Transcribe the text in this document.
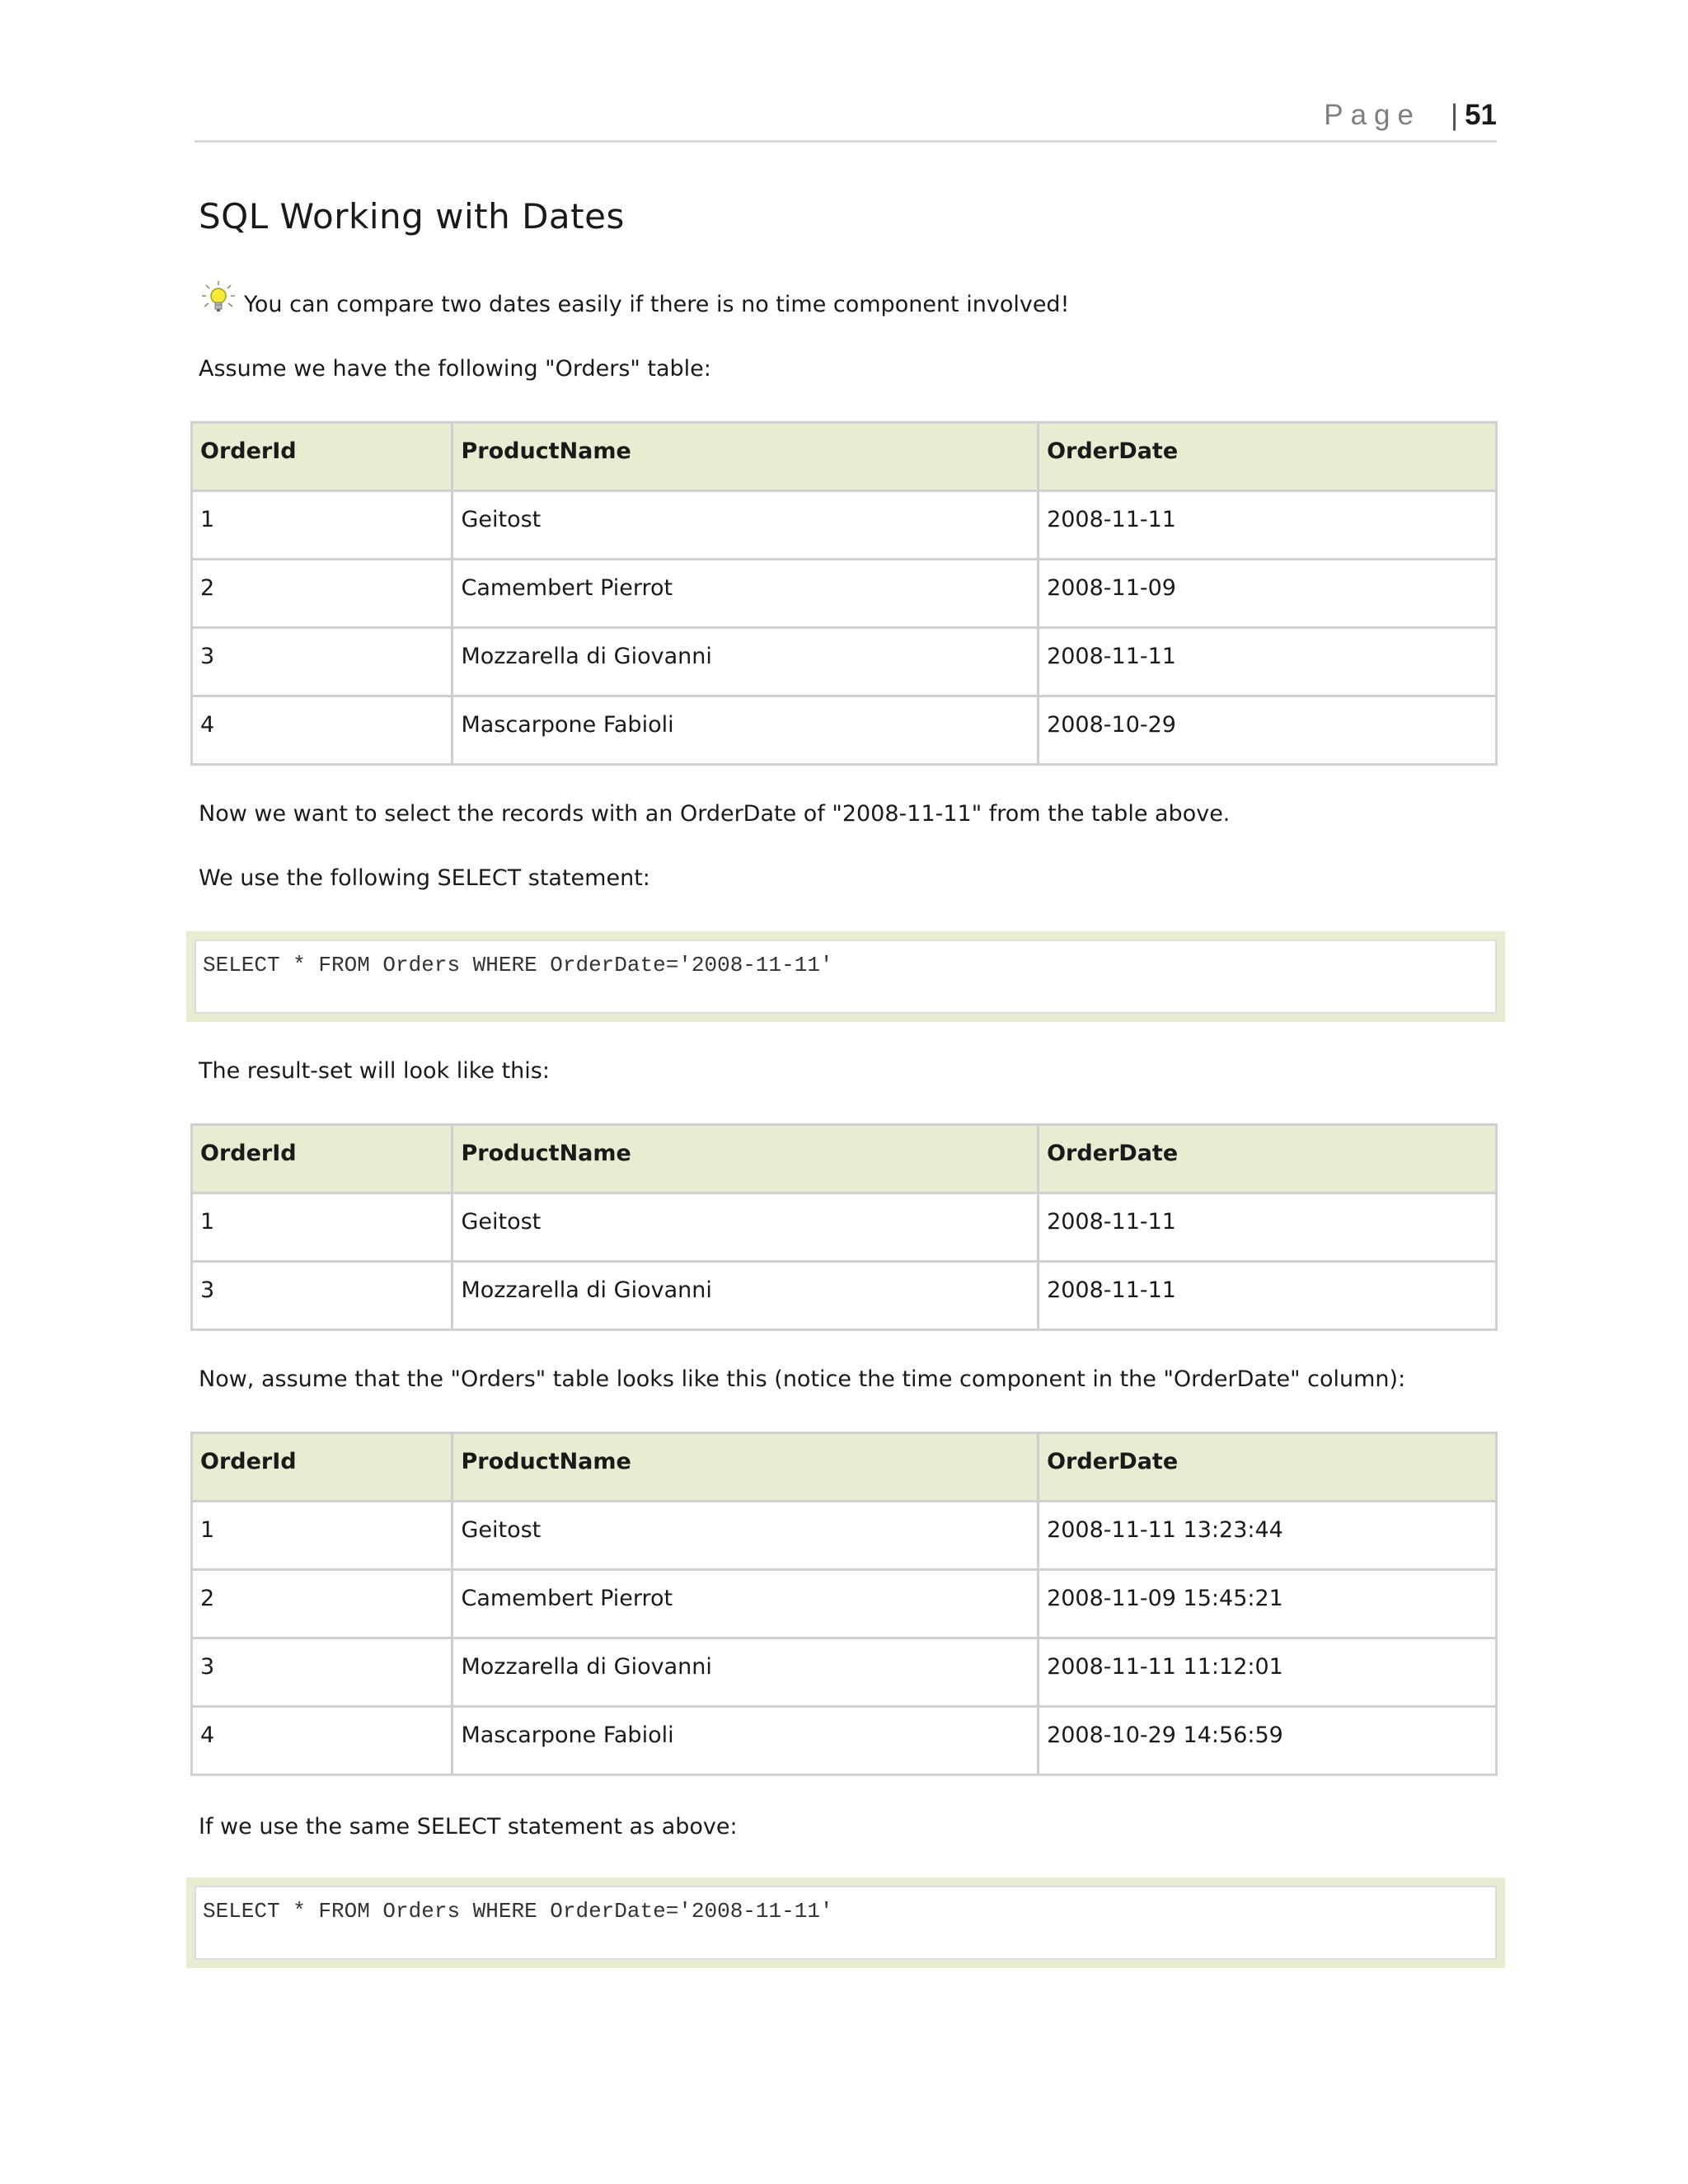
Page | 51
SQL Working with Dates

You can compare two dates easily if there is no time component involved!

Assume we have the following "Orders" table:

OrderId	ProductName	OrderDate
1	Geitost	2008-11-11
2	Camembert Pierrot	2008-11-09
3	Mozzarella di Giovanni	2008-11-11
4	Mascarpone Fabioli	2008-10-29

Now we want to select the records with an OrderDate of "2008-11-11" from the table above.

We use the following SELECT statement:

SELECT * FROM Orders WHERE OrderDate='2008-11-11'

The result-set will look like this:

OrderId	ProductName	OrderDate
1	Geitost	2008-11-11
3	Mozzarella di Giovanni	2008-11-11

Now, assume that the "Orders" table looks like this (notice the time component in the "OrderDate" column):

OrderId	ProductName	OrderDate
1	Geitost	2008-11-11 13:23:44
2	Camembert Pierrot	2008-11-09 15:45:21
3	Mozzarella di Giovanni	2008-11-11 11:12:01
4	Mascarpone Fabioli	2008-10-29 14:56:59

If we use the same SELECT statement as above:

SELECT * FROM Orders WHERE OrderDate='2008-11-11'
